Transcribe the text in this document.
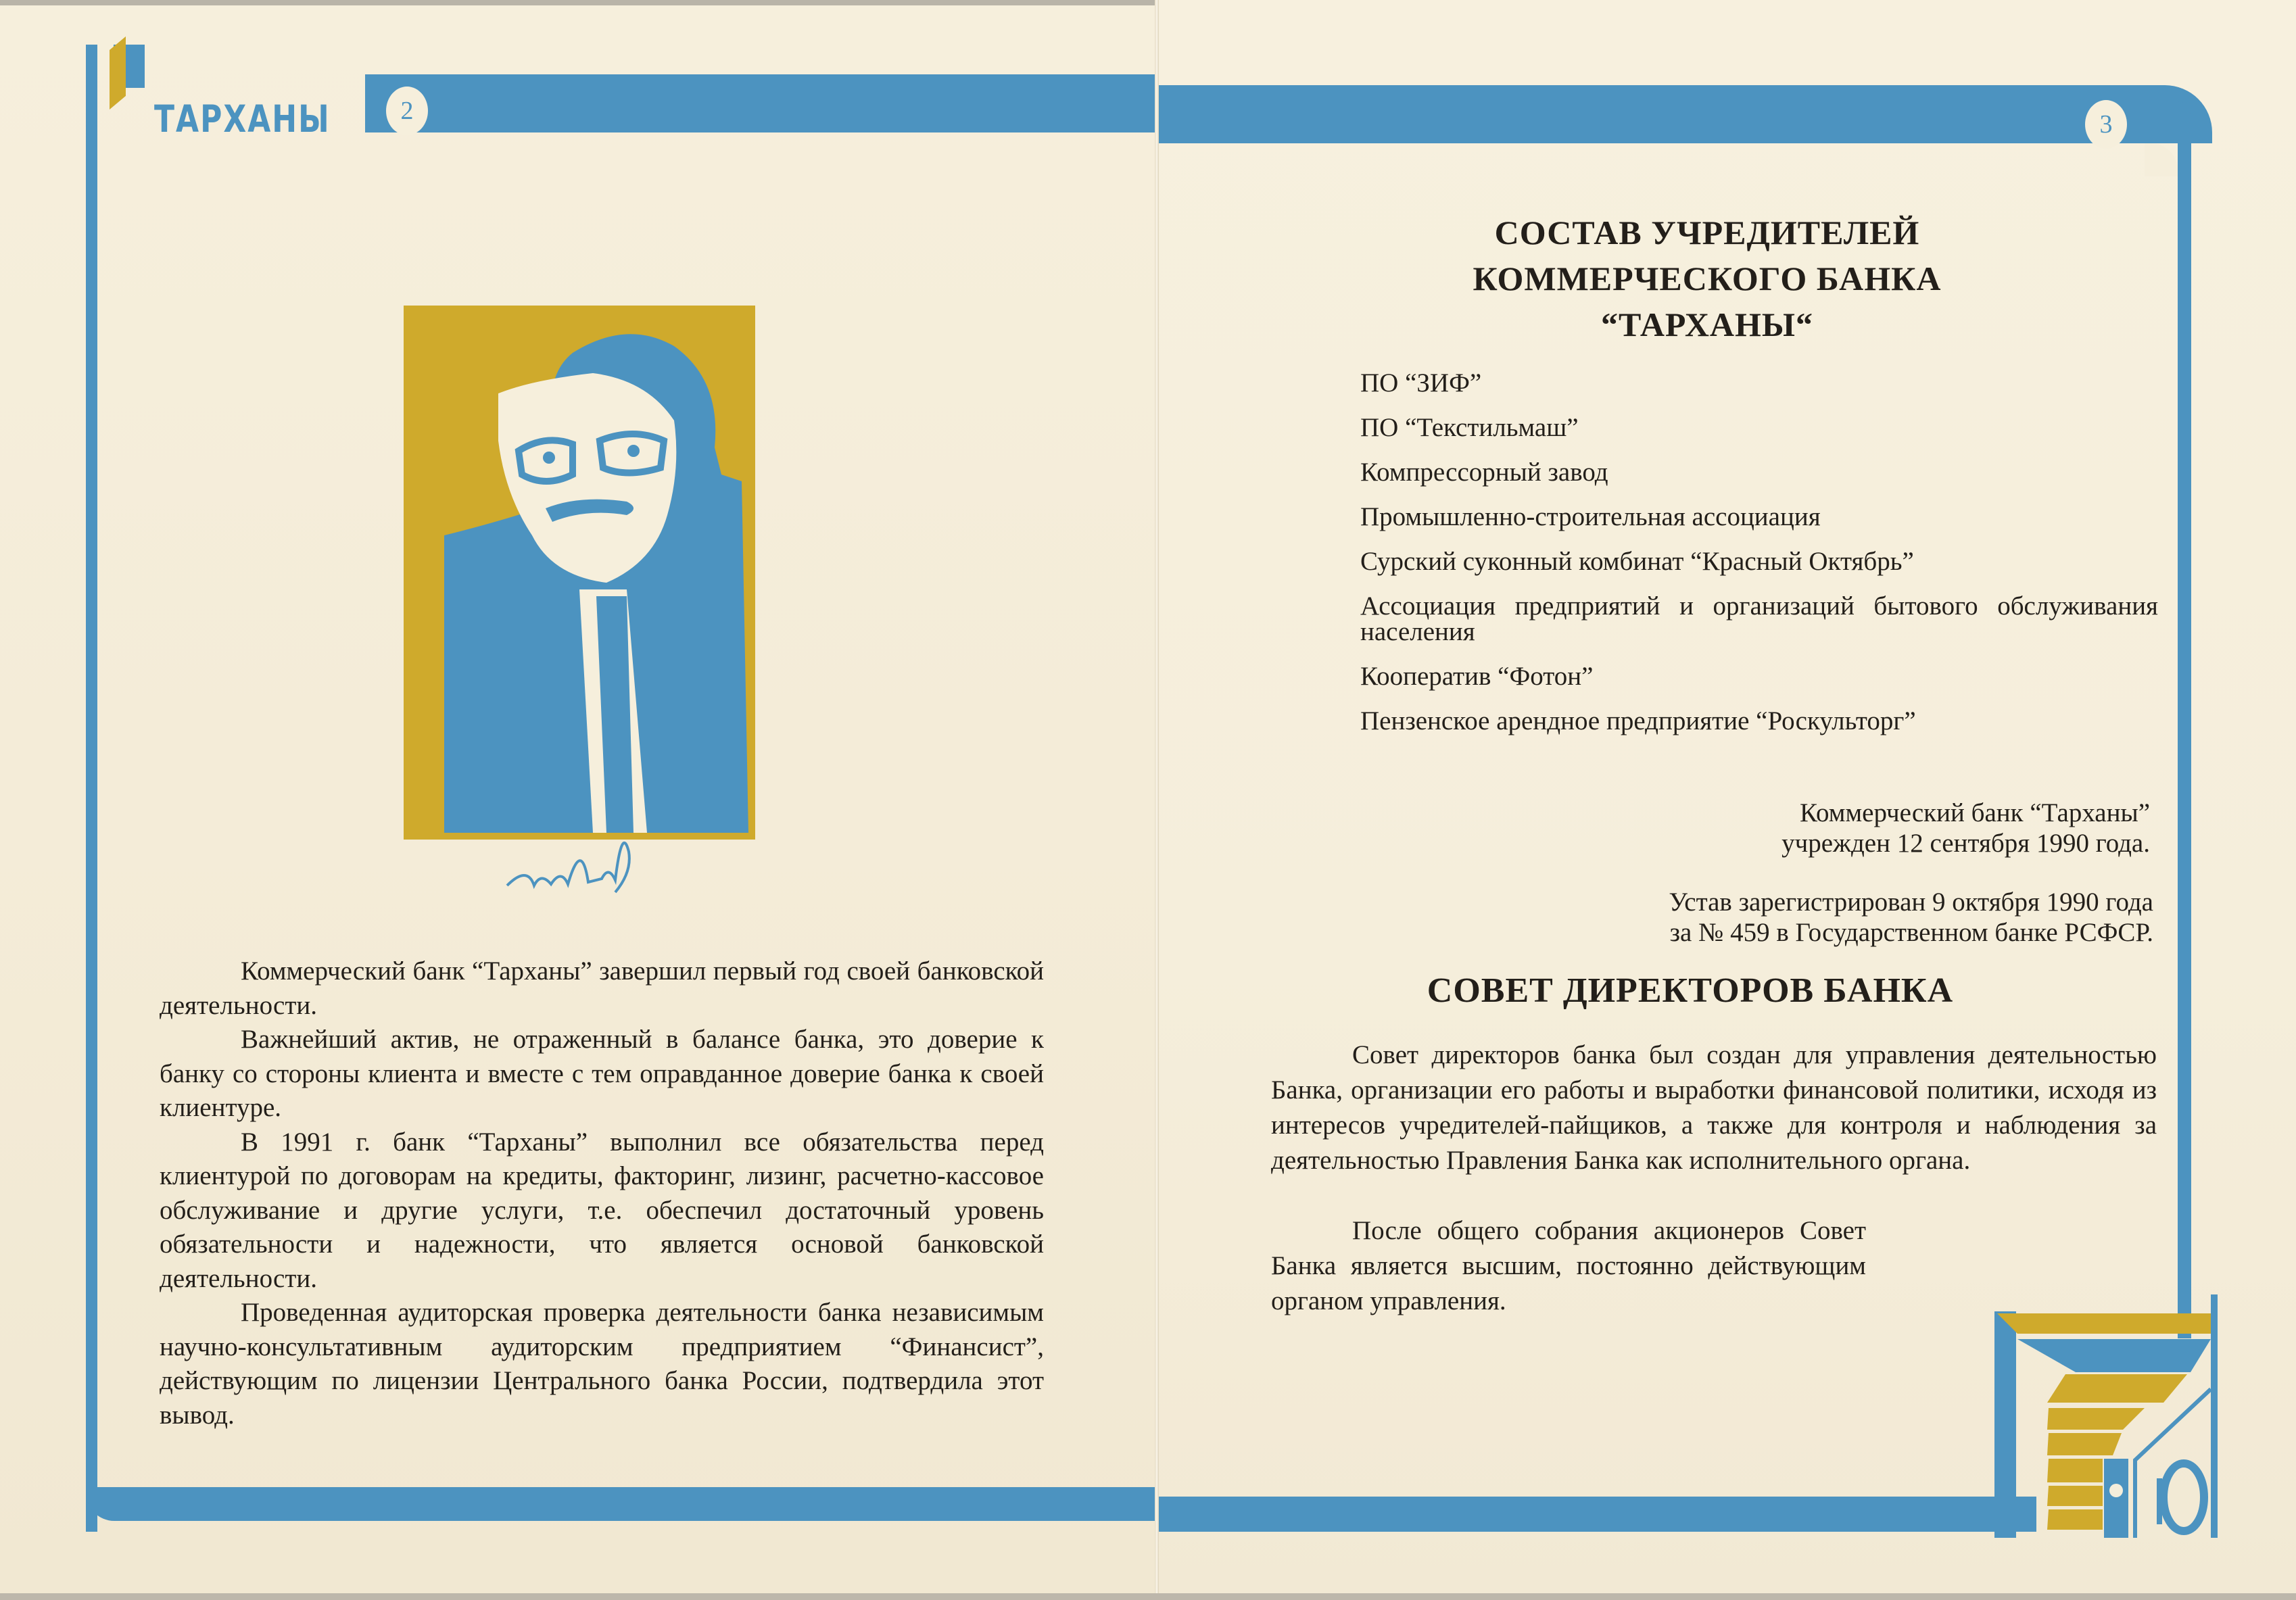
2
ТАРХАНЫ

Коммерческий банк “Тарханы” завершил первый год своей банковской деятельности.

Важнейший актив, не отраженный в балансе банка, это доверие к банку со стороны клиента и вместе с тем оправданное доверие банка к своей клиентуре.

В 1991 г. банк “Тарханы” выполнил все обязательства перед клиентурой по договорам на кредиты, факторинг, лизинг, расчетно-кассовое обслуживание и другие услуги, т.е. обеспечил достаточный уровень обязательности и надежности, что является основой банковской деятельности.

Проведенная аудиторская проверка деятельности банка независимым научно-консультативным аудиторским предприятием “Финансист”, действующим по лицензии Центрального банка России, подтвердила этот вывод.

3
СОСТАВ УЧРЕДИТЕЛЕЙ
КОММЕРЧЕСКОГО БАНКА
“ТАРХАНЫ“
ПО “ЗИФ”
ПО “Текстильмаш”
Компрессорный завод
Промышленно-строительная ассоциация
Сурский суконный комбинат “Красный Октябрь”
Ассоциация предприятий и организаций бытового обслуживания населения
Кооператив “Фотон”
Пензенское арендное предприятие “Роскульторг”
Коммерческий банк “Тарханы”
учрежден 12 сентября 1990 года.
Устав зарегистрирован 9 октября 1990 года
за № 459 в Государственном банке РСФСР.
СОВЕТ ДИРЕКТОРОВ БАНКА

Совет директоров банка был создан для управления деятельностью Банка, организации его работы и выработки финансовой политики, исходя из интересов учредителей-пайщиков, а также для контроля и наблюдения за деятельностью Правления Банка как исполнительного органа.

После общего собрания акционеров Совет Банка является высшим, постоянно действующим органом управления.
